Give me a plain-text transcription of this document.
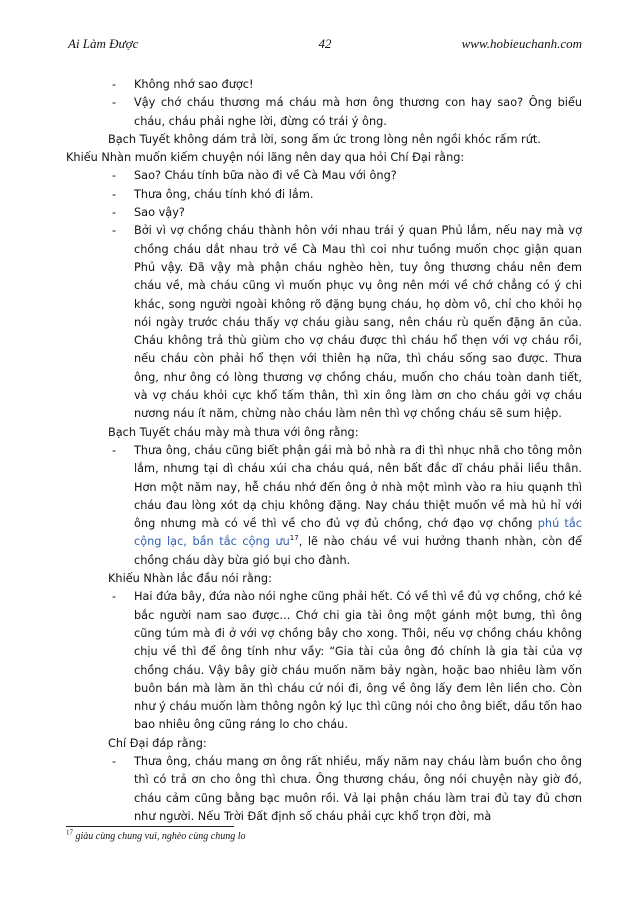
Ai Làm Được	42	www.hobieuchanh.com

- Không nhớ sao được!

- Vậy chớ cháu thương má cháu mà hơn ông thương con hay sao? Ông biểu cháu, cháu phải nghe lời, đừng có trái ý ông.

Bạch Tuyết không dám trả lời, song ấm ức trong lòng nên ngồi khóc rấm rứt.

Khiếu Nhàn muốn kiếm chuyện nói lãng nên day qua hỏi Chí Đại rằng:

- Sao? Cháu tính bữa nào đi về Cà Mau với ông?

- Thưa ông, cháu tính khó đi lắm.

- Sao vậy?

- Bởi vì vợ chồng cháu thành hôn với nhau trái ý quan Phủ lắm, nếu nay mà vợ chồng cháu dắt nhau trở về Cà Mau thì coi như tuồng muốn chọc giận quan Phủ vậy. Đã vậy mà phận cháu nghèo hèn, tuy ông thương cháu nên đem cháu về, mà cháu cũng vì muốn phục vụ ông nên mới về chớ chẳng có ý chi khác, song người ngoài không rõ đặng bụng cháu, họ dòm vô, chỉ cho khỏi họ nói ngày trước cháu thấy vợ cháu giàu sang, nên cháu rù quến đặng ăn của. Cháu không trả thù giùm cho vợ cháu được thì cháu hổ thẹn với vợ cháu rồi, nếu cháu còn phải hổ thẹn với thiên hạ nữa, thì cháu sống sao được. Thưa ông, như ông có lòng thương vợ chồng cháu, muốn cho cháu toàn danh tiết, và vợ cháu khỏi cực khổ tấm thân, thì xin ông làm ơn cho cháu gởi vợ cháu nương náu ít năm, chừng nào cháu làm nên thì vợ chồng cháu sẽ sum hiệp.

Bạch Tuyết cháu mày mà thưa với ông rằng:

- Thưa ông, cháu cũng biết phận gái mà bỏ nhà ra đi thì nhục nhã cho tông môn lắm, nhưng tại dì cháu xúi cha cháu quá, nên bất đắc dĩ cháu phải liều thân. Hơn một năm nay, hễ cháu nhớ đến ông ở nhà một mình vào ra hiu quạnh thì cháu đau lòng xót dạ chịu không đặng. Nay cháu thiệt muốn về mà hủ hỉ với ông nhưng mà có về thì về cho đủ vợ đủ chồng, chớ đạo vợ chồng phú tắc cộng lạc, bần tắc cộng $ưu^{17}$, lẽ nào cháu về vui hưởng thanh nhàn, còn để chồng cháu dày bừa gió bụi cho đành.

Khiếu Nhàn lắc đầu nói rằng:

- Hai đứa bây, đứa nào nói nghe cũng phải hết. Có về thì về đủ vợ chồng, chớ kẻ bắc người nam sao được... Chớ chi gia tài ông một gánh một bưng, thì ông cũng túm mà đi ở với vợ chồng bây cho xong. Thôi, nếu vợ chồng cháu không chịu về thì để ông tính như vầy: “Gia tài của ông đó chính là gia tài của vợ chồng cháu. Vậy bây giờ cháu muốn năm bảy ngàn, hoặc bao nhiêu làm vốn buôn bán mà làm ăn thì cháu cứ nói đi, ông về ông lấy đem lên liền cho. Còn như ý cháu muốn làm thông ngôn ký lục thì cũng nói cho ông biết, dầu tốn hao bao nhiêu ông cũng ráng lo cho cháu.

Chí Đại đáp rằng:

- Thưa ông, cháu mang ơn ông rất nhiều, mấy năm nay cháu làm buồn cho ông thì có trả ơn cho ông thì chưa. Ông thương cháu, ông nói chuyện này giờ đó, cháu cảm cũng bằng bạc muôn rồi. Vả lại phận cháu làm trai đủ tay đủ chơn như người. Nếu Trời Đất định số cháu phải cực khổ trọn đời, mà

$^{17}$ giàu cùng chung vui, nghèo cùng chung lo
